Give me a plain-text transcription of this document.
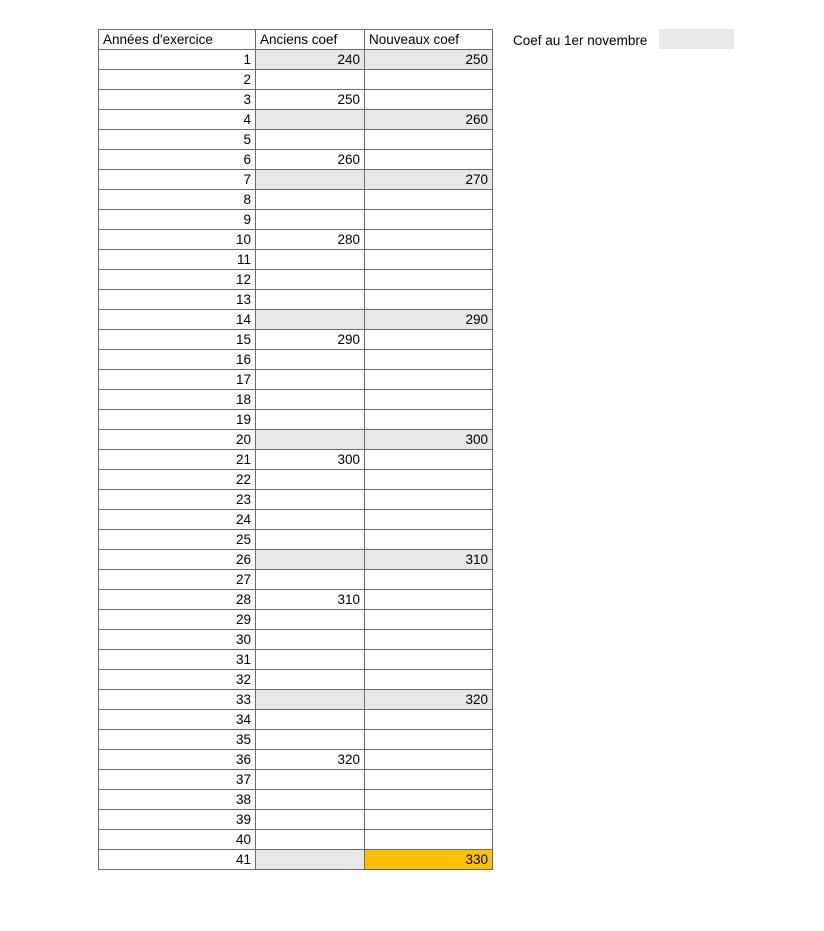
Années d'exercice	Anciens coef	Nouveaux coef
1	240	250
2		
3	250	
4		260
5		
6	260	
7		270
8		
9		
10	280	
11		
12		
13		
14		290
15	290	
16		
17		
18		
19		
20		300
21	300	
22		
23		
24		
25		
26		310
27		
28	310	
29		
30		
31		
32		
33		320
34		
35		
36	320	
37		
38		
39		
40		
41		330
Coef au 1er novembre
